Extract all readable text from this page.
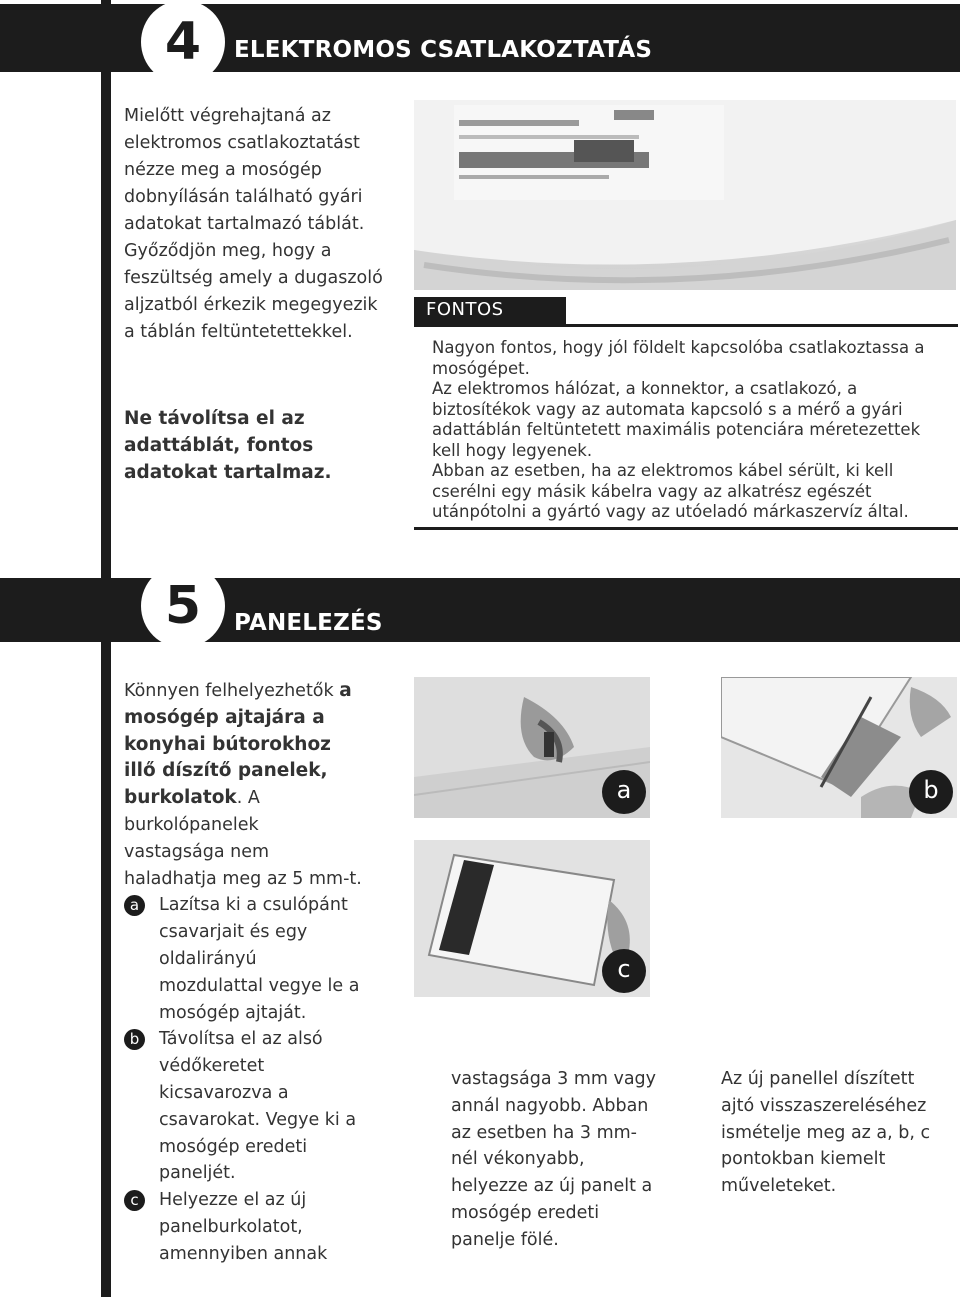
4	ELEKTROMOS CSATLAKOZTATÁS
Mielőtt végrehajtaná az elektromos csatlakoztatást nézze meg a mosógép dobnyílásán található gyári adatokat tartalmazó táblát. Győződjön meg, hogy a feszültség amely a dugaszoló aljzatból érkezik megegyezik a táblán feltüntetettekkel.
Ne távolítsa el az adattáblát, fontos adatokat tartalmaz.
FONTOS

Nagyon fontos, hogy jól földelt kapcsolóba csatlakoztassa a mosógépet.

Az elektromos hálózat, a konnektor, a csatlakozó, a biztosítékok vagy az automata kapcsoló s a mérő a gyári adattáblán feltüntetett maximális potenciára méretezettek kell hogy legyenek.

Abban az esetben, ha az elektromos kábel sérült, ki kell cserélni egy másik kábelra vagy az alkatrész egészét utánpótolni a gyártó vagy az utóeladó márkaszervíz által.

5	PANELEZÉS
Könnyen felhelyezhetők a mosógép ajtajára a konyhai bútorokhoz illő díszítő panelek, burkolatok. A burkolópanelek vastagsága nem haladhatja meg az 5 mm-t.
a	Lazítsa ki a csulópánt csavarjait és egy oldalirányú mozdulattal vegye le a mosógép ajtaját.
b	Távolítsa el az alsó védőkeretet kicsavarozva a csavarokat. Vegye ki a mosógép eredeti paneljét.
c	Helyezze el az új panelburkolatot, amennyiben annak
a	b
c
vastagsága 3 mm vagy annál nagyobb. Abban az esetben ha 3 mm-nél vékonyabb, helyezze az új panelt a mosógép eredeti panelje fölé.
Az új panellel díszített ajtó visszaszereléséhez ismételje meg az a, b, c pontokban kiemelt műveleteket.
